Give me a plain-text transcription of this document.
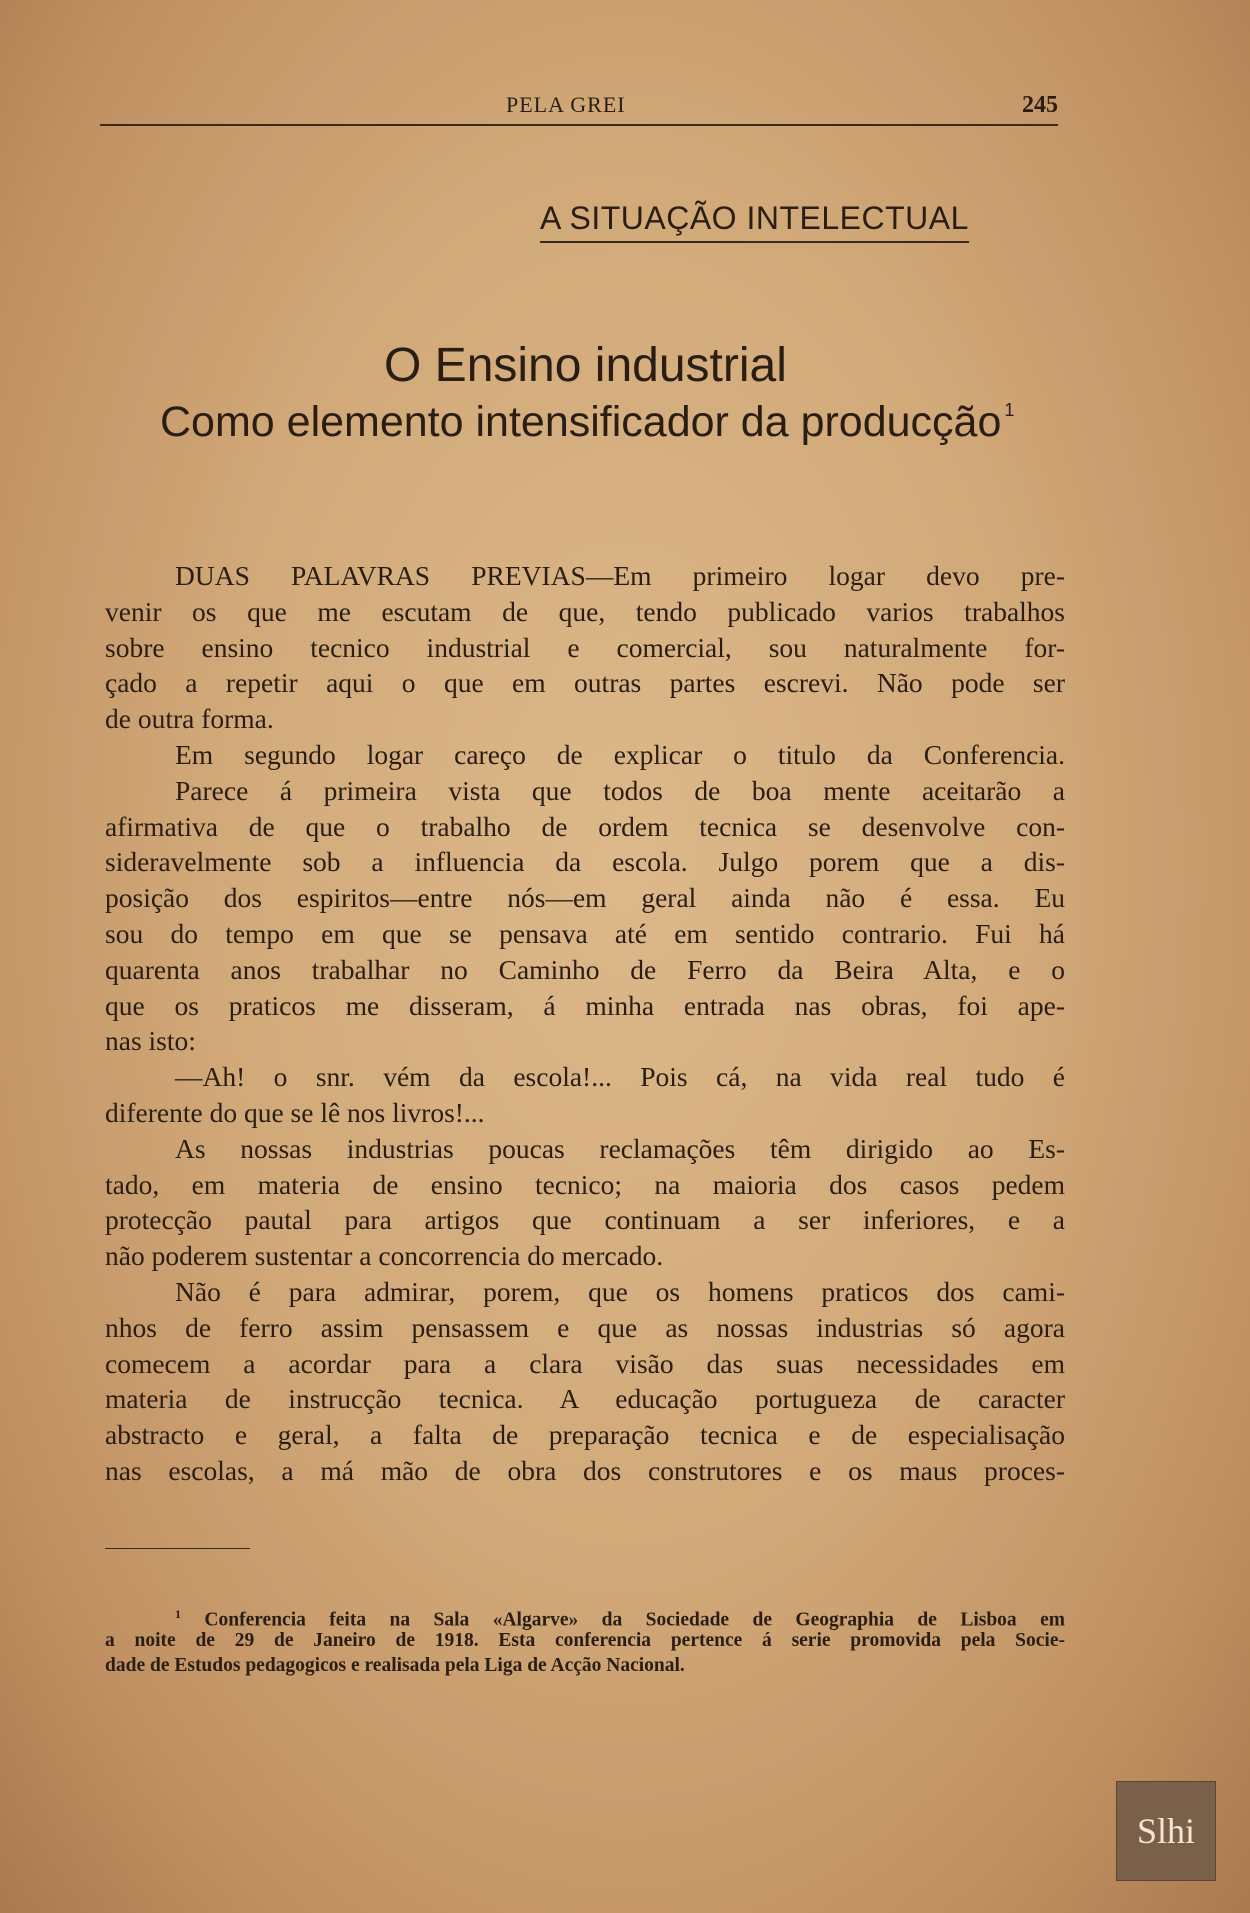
PELA GREI	245
A SITUAÇÃO INTELECTUAL
O Ensino industrial
Como elemento intensificador da producção $^1$
DUAS PALAVRAS PREVIAS—Em primeiro logar devo pre-
venir os que me escutam de que, tendo publicado varios trabalhos
sobre ensino tecnico industrial e comercial, sou naturalmente for-
çado a repetir aqui o que em outras partes escrevi. Não pode ser
de outra forma.
Em segundo logar careço de explicar o titulo da Conferencia.
Parece á primeira vista que todos de boa mente aceitarão a
afirmativa de que o trabalho de ordem tecnica se desenvolve con-
sideravelmente sob a influencia da escola. Julgo porem que a dis-
posição dos espiritos—entre nós—em geral ainda não é essa. Eu
sou do tempo em que se pensava até em sentido contrario. Fui há
quarenta anos trabalhar no Caminho de Ferro da Beira Alta, e o
que os praticos me disseram, á minha entrada nas obras, foi ape-
nas isto:
—Ah! o snr. vém da escola!... Pois cá, na vida real tudo é
diferente do que se lê nos livros!...
As nossas industrias poucas reclamações têm dirigido ao Es-
tado, em materia de ensino tecnico; na maioria dos casos pedem
protecção pautal para artigos que continuam a ser inferiores, e a
não poderem sustentar a concorrencia do mercado.
Não é para admirar, porem, que os homens praticos dos cami-
nhos de ferro assim pensassem e que as nossas industrias só agora
comecem a acordar para a clara visão das suas necessidades em
materia de instrucção tecnica. A educação portugueza de caracter
abstracto e geral, a falta de preparação tecnica e de especialisação
nas escolas, a má mão de obra dos construtores e os maus proces-
$^1$ Conferencia feita na Sala «Algarve» da Sociedade de Geographia de Lisboa em
a noite de 29 de Janeiro de 1918. Esta conferencia pertence á serie promovida pela Socie-
dade de Estudos pedagogicos e realisada pela Liga de Acção Nacional.
Slhi
